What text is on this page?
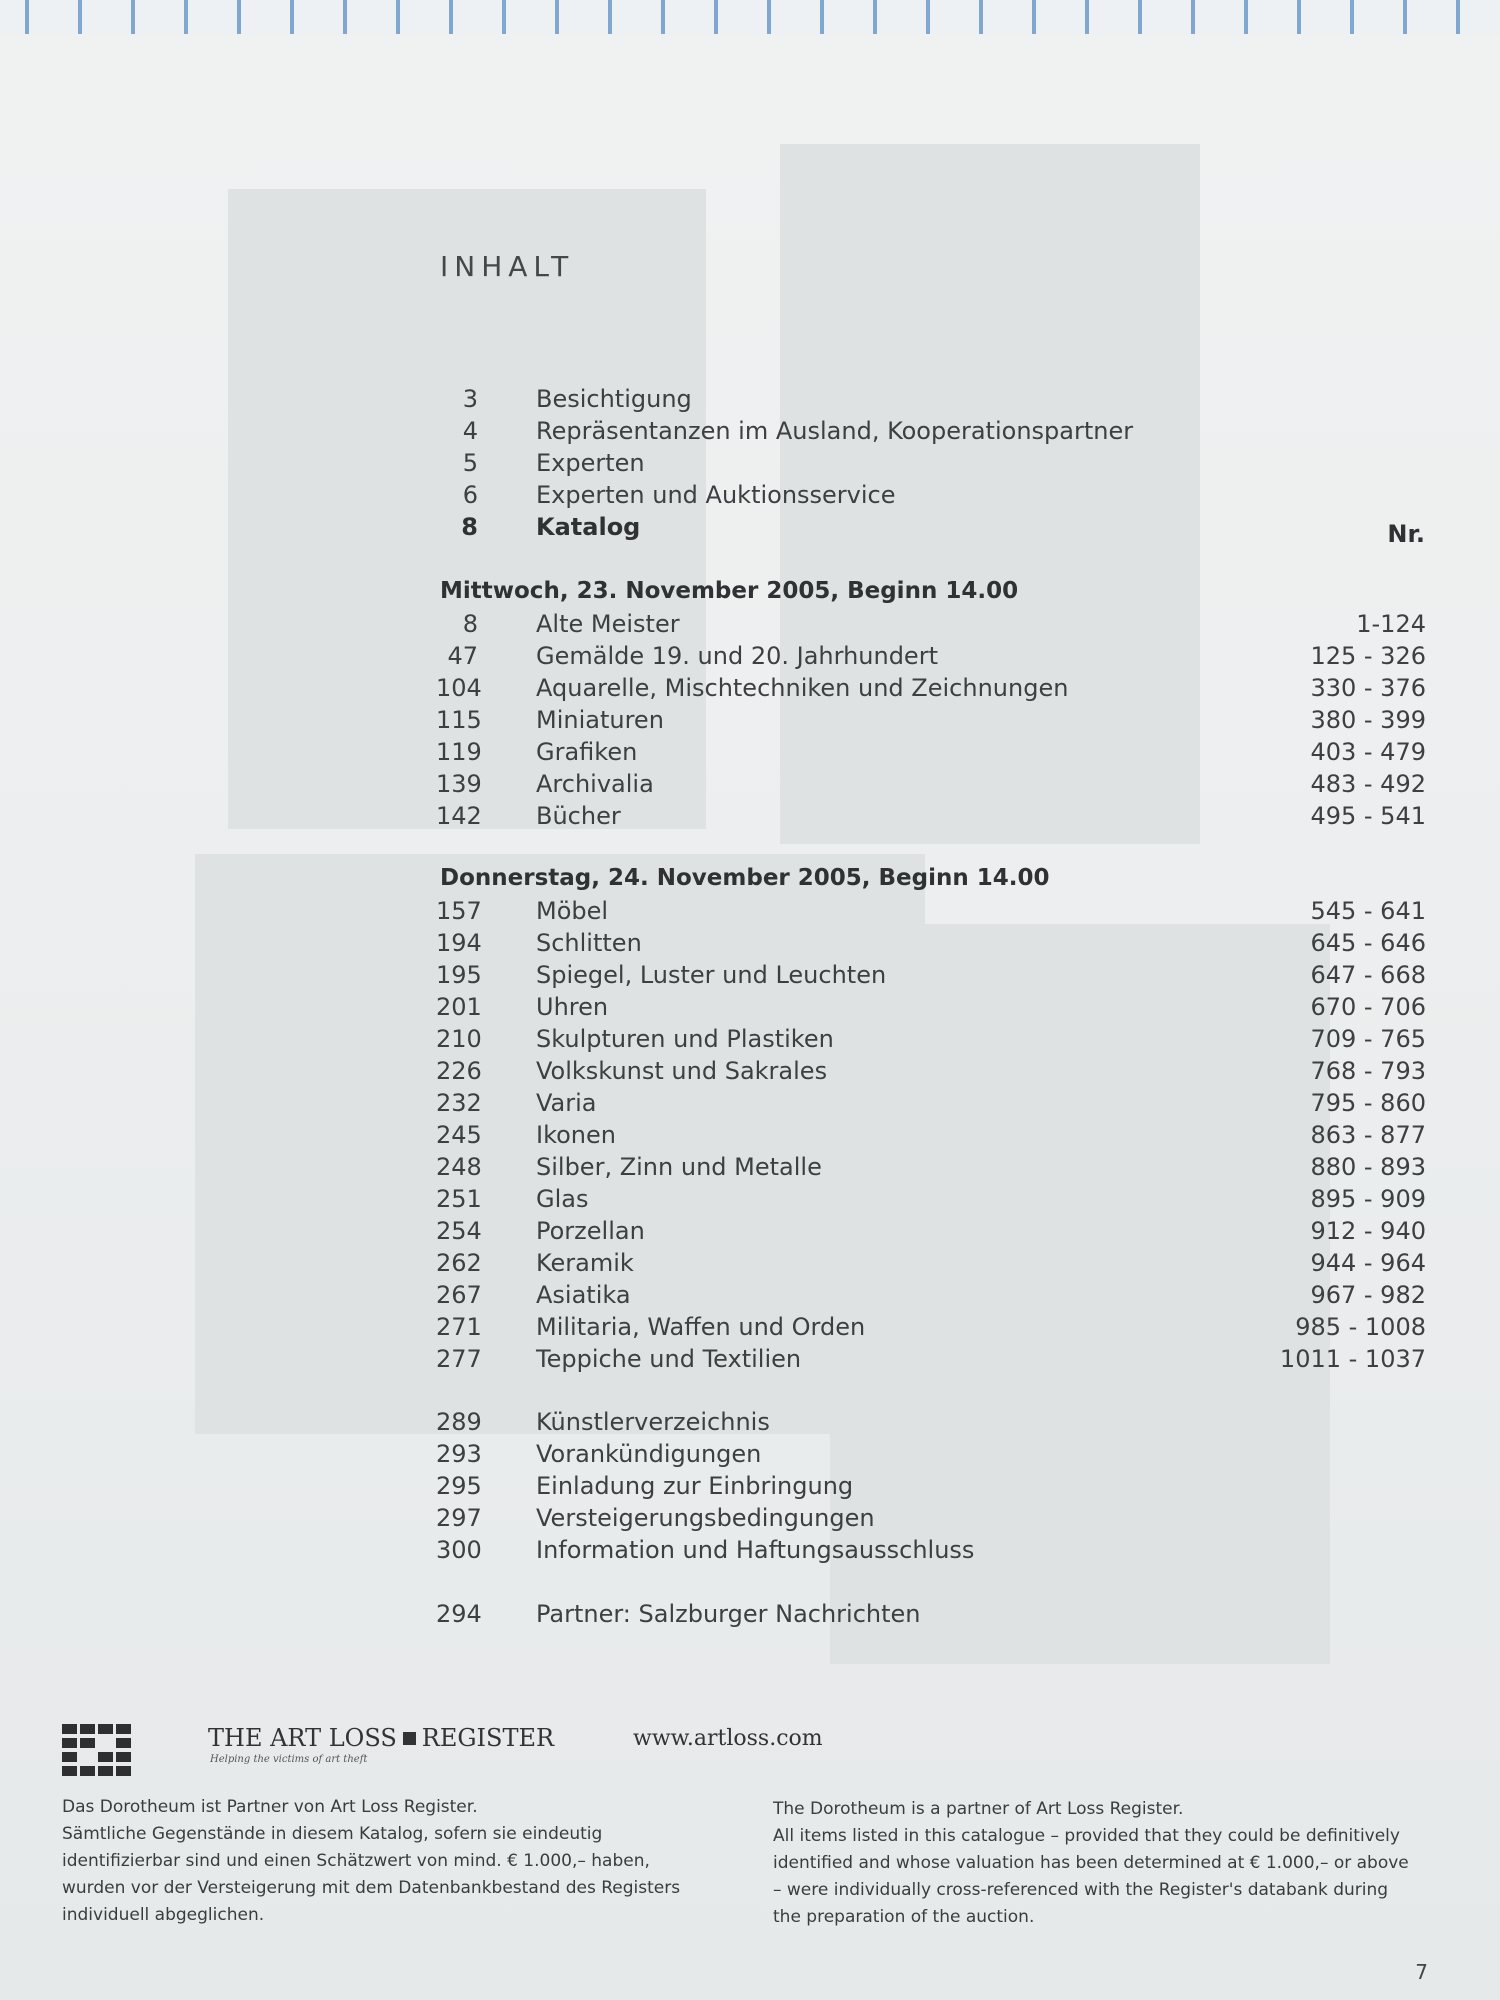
INHALT
3 Besichtigung
4 Repräsentanzen im Ausland, Kooperationspartner
5 Experten
6 Experten und Auktionsservice
8 Katalog	Nr.
Mittwoch, 23. November 2005, Beginn 14.00
8 Alte Meister	1-124
47 Gemälde 19. und 20. Jahrhundert	125 - 326
104 Aquarelle, Mischtechniken und Zeichnungen	330 - 376
115 Miniaturen	380 - 399
119 Grafiken	403 - 479
139 Archivalia	483 - 492
142 Bücher	495 - 541
Donnerstag, 24. November 2005, Beginn 14.00
157 Möbel	545 - 641
194 Schlitten	645 - 646
195 Spiegel, Luster und Leuchten	647 - 668
201 Uhren	670 - 706
210 Skulpturen und Plastiken	709 - 765
226 Volkskunst und Sakrales	768 - 793
232 Varia	795 - 860
245 Ikonen	863 - 877
248 Silber, Zinn und Metalle	880 - 893
251 Glas	895 - 909
254 Porzellan	912 - 940
262 Keramik	944 - 964
267 Asiatika	967 - 982
271 Militaria, Waffen und Orden	985 - 1008
277 Teppiche und Textilien	1011 - 1037
289 Künstlerverzeichnis
293 Vorankündigungen
295 Einladung zur Einbringung
297 Versteigerungsbedingungen
300 Information und Haftungsausschluss
294 Partner: Salzburger Nachrichten
THE ART LOSS REGISTER
Helping the victims of art theft
www.artloss.com
Das Dorotheum ist Partner von Art Loss Register.
Sämtliche Gegenstände in diesem Katalog, sofern sie eindeutig
identifizierbar sind und einen Schätzwert von mind. € 1.000,– haben,
wurden vor der Versteigerung mit dem Datenbankbestand des Registers
individuell abgeglichen.
The Dorotheum is a partner of Art Loss Register.
All items listed in this catalogue – provided that they could be definitively
identified and whose valuation has been determined at € 1.000,– or above
– were individually cross-referenced with the Register's databank during
the preparation of the auction.
7
